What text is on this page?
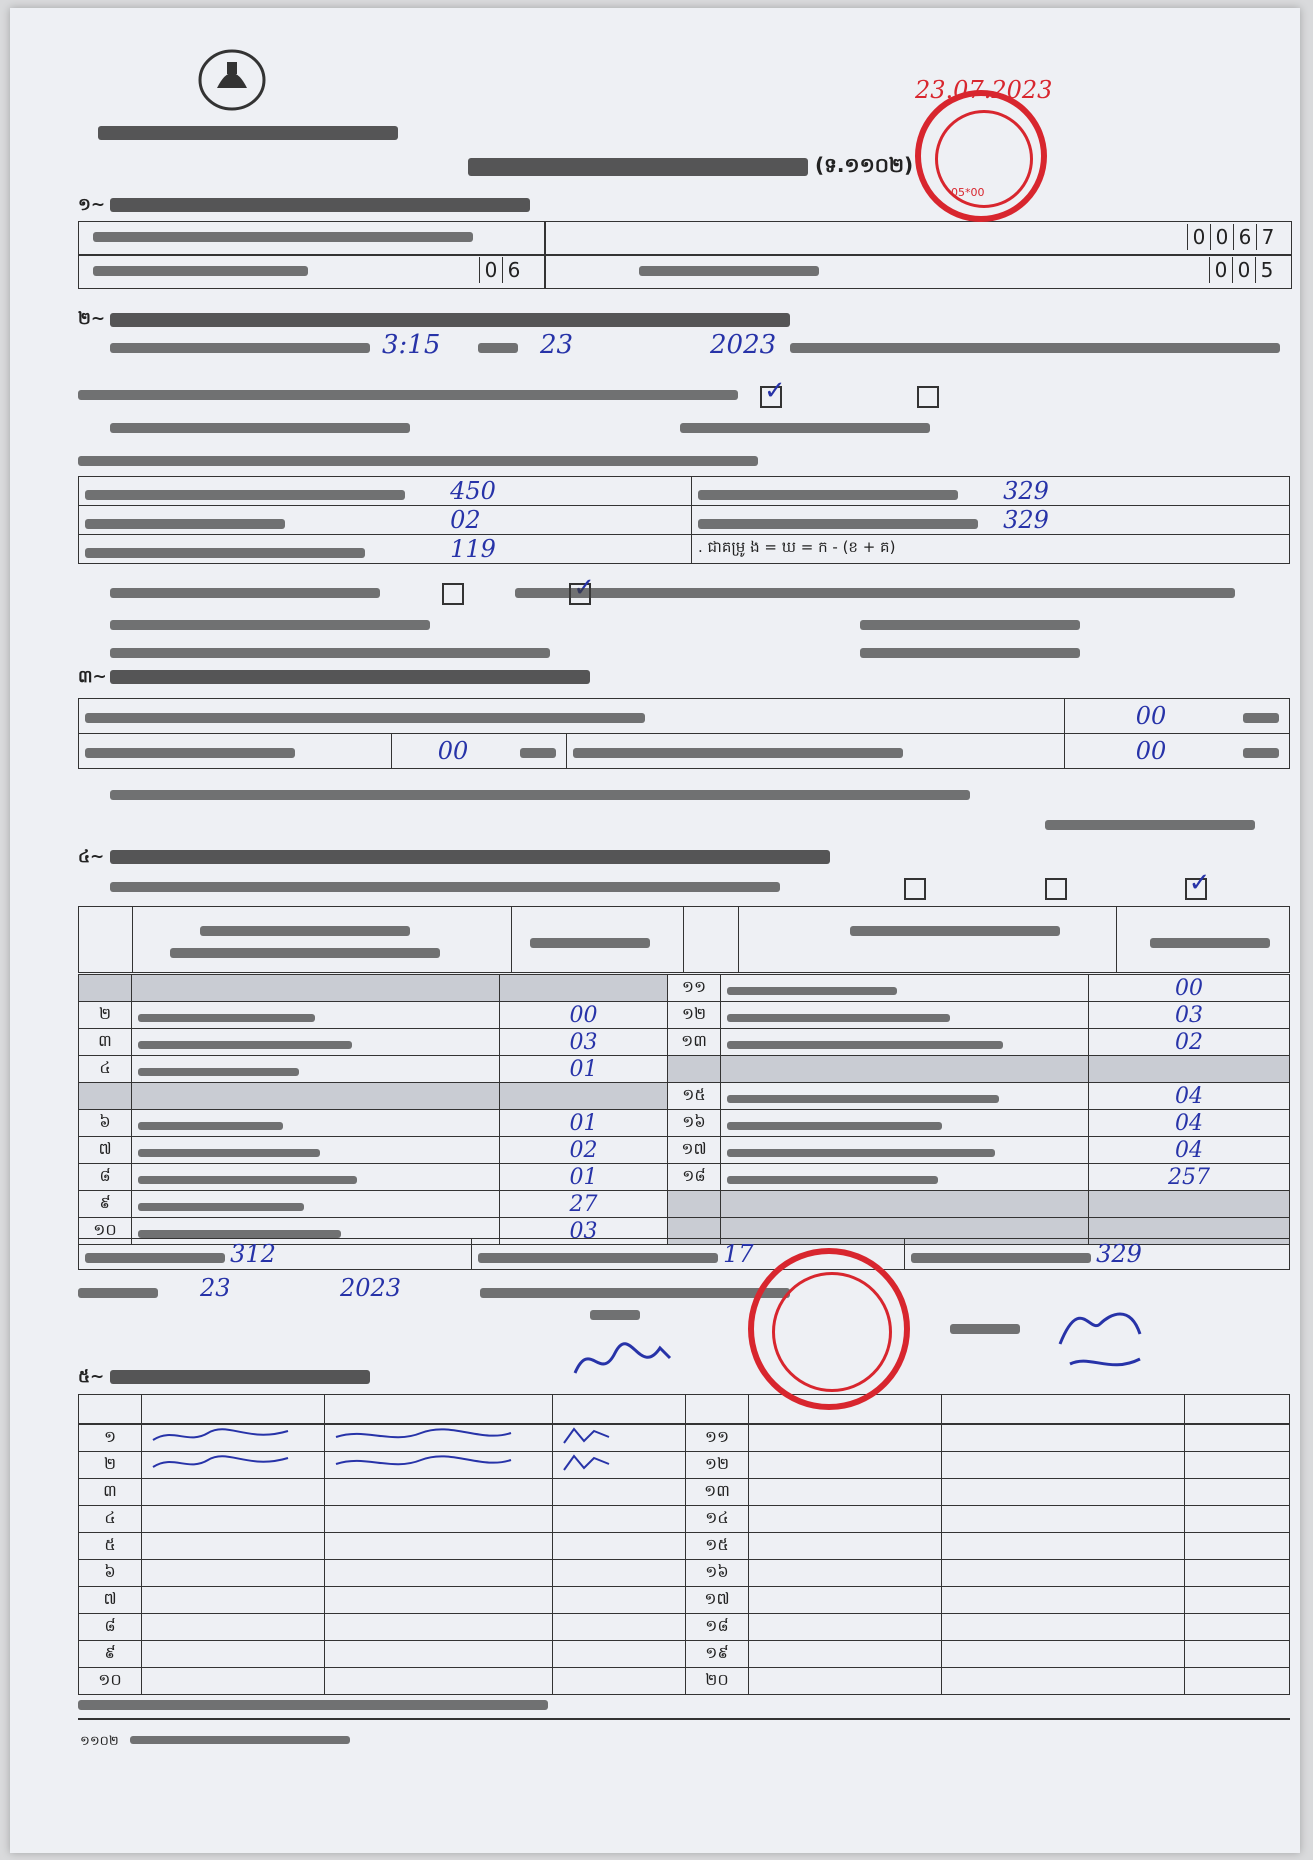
(ទ.១១០២)
១~
0 0 6 7
0 6	0 0 5
២~
3:15	23	2023
✓
450	329
02	329
119	. ជាគម្រូ ង = ឃ = ក - (ខ + គ)
✓
៣~
				00	
	00			00	
៤~
✓

			១១		00
២		00	១២		03
៣		03	១៣		02
៤		01			
			១៥		04
៦		01	១៦		04
៧		02	១៧		04
៨		01	១៨		257
៩		27			
១០		03			
312	17	329
23	2023
៥~

១				១១			
២				១២			
៣				១៣			
៤				១៤			
៥				១៥			
៦				១៦			
៧				១៧			
៨				១៨			
៩				១៩			
១០				២០			
១១០២
05*00
23.07.2023
